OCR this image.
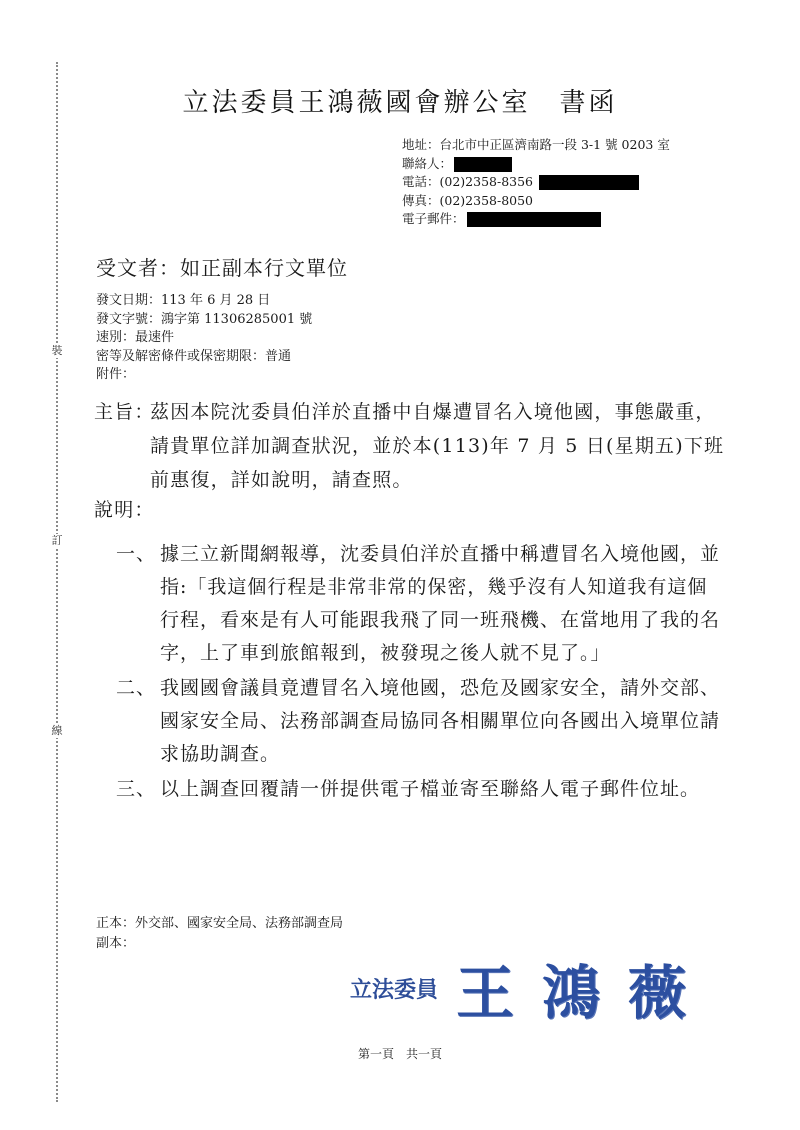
裝
訂
線
立法委員王鴻薇國會辦公室　書函
地址：台北市中正區濟南路一段 3-1 號 0203 室
聯絡人：
電話：(02)2358-8356
傳真：(02)2358-8050
電子郵件：
受文者：如正副本行文單位
發文日期：113 年 6 月 28 日
發文字號：鴻字第 11306285001 號
速別：最速件
密等及解密條件或保密期限：普通
附件：
主旨：
茲因本院沈委員伯洋於直播中自爆遭冒名入境他國，事態嚴重，請貴單位詳加調查狀況，並於本(113)年 7 月 5 日(星期五)下班前惠復，詳如說明，請查照。
說明：
一、 據三立新聞網報導，沈委員伯洋於直播中稱遭冒名入境他國，並指:「我這個行程是非常非常的保密，幾乎沒有人知道我有這個行程，看來是有人可能跟我飛了同一班飛機、在當地用了我的名字，上了車到旅館報到，被發現之後人就不見了。」
二、 我國國會議員竟遭冒名入境他國，恐危及國家安全，請外交部、國家安全局、法務部調查局協同各相關單位向各國出入境單位請求協助調查。
三、 以上調查回覆請一併提供電子檔並寄至聯絡人電子郵件位址。
正本：外交部、國家安全局、法務部調查局
副本：
立法委員 王鴻薇
第一頁　共一頁
